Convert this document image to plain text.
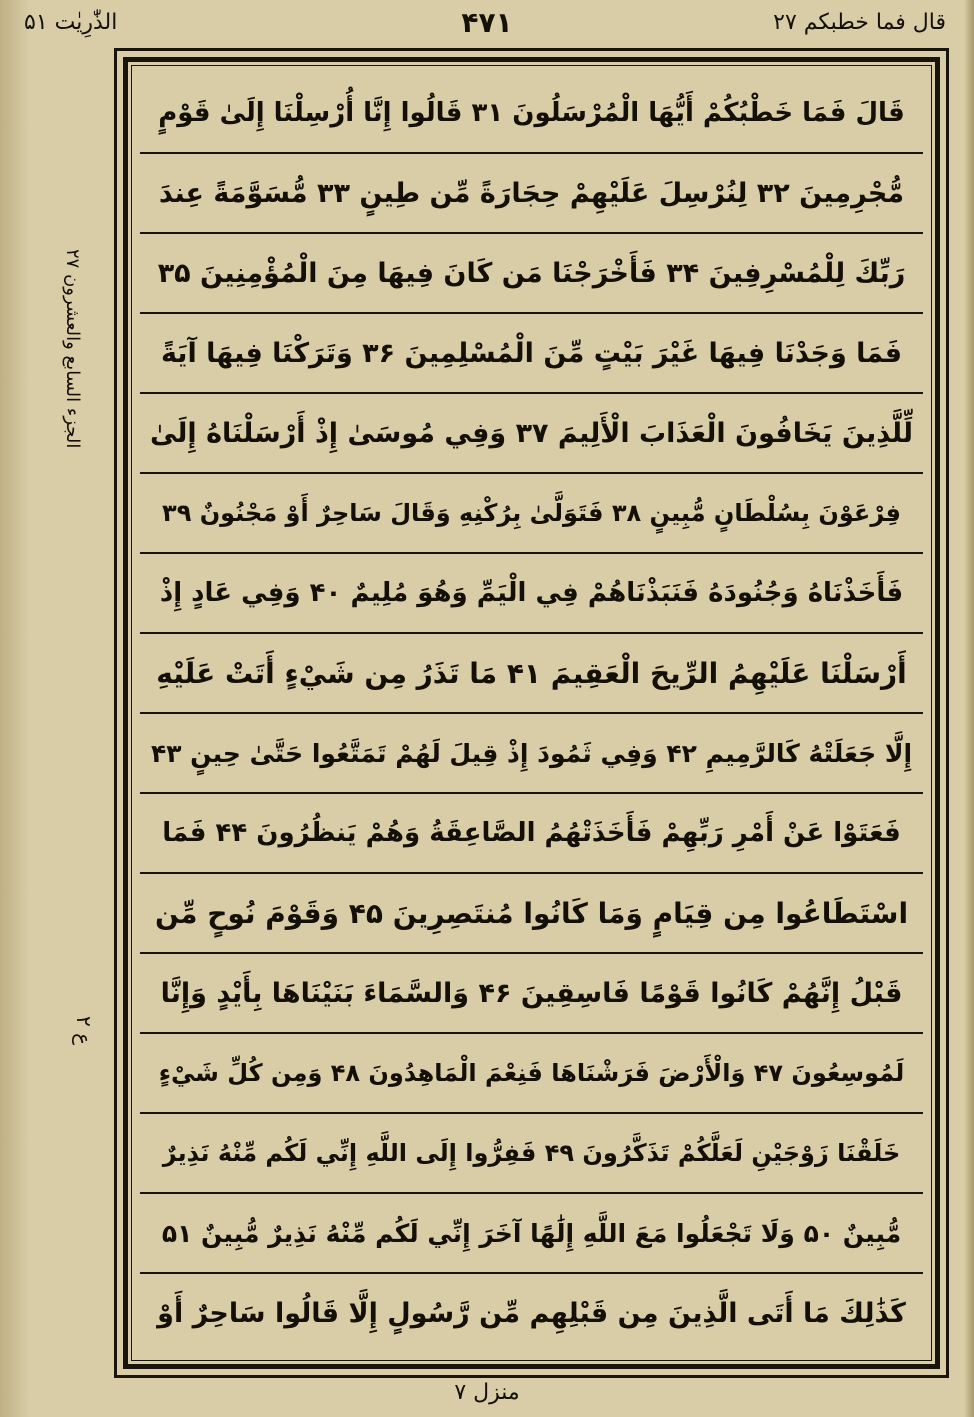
الذّٰرِیٰت ۵۱	۴۷۱	قال فما خطبکم ۲۷
الجزء السابع والعشرون ۲۷
ع ۲
قَالَ فَمَا خَطْبُكُمْ أَيُّهَا الْمُرْسَلُونَ ۳۱ قَالُوا إِنَّا أُرْسِلْنَا إِلَىٰ قَوْمٍ
مُّجْرِمِينَ ۳۲ لِنُرْسِلَ عَلَيْهِمْ حِجَارَةً مِّن طِينٍ ۳۳ مُّسَوَّمَةً عِندَ
رَبِّكَ لِلْمُسْرِفِينَ ۳۴ فَأَخْرَجْنَا مَن كَانَ فِيهَا مِنَ الْمُؤْمِنِينَ ۳۵
فَمَا وَجَدْنَا فِيهَا غَيْرَ بَيْتٍ مِّنَ الْمُسْلِمِينَ ۳۶ وَتَرَكْنَا فِيهَا آيَةً
لِّلَّذِينَ يَخَافُونَ الْعَذَابَ الْأَلِيمَ ۳۷ وَفِي مُوسَىٰ إِذْ أَرْسَلْنَاهُ إِلَىٰ
فِرْعَوْنَ بِسُلْطَانٍ مُّبِينٍ ۳۸ فَتَوَلَّىٰ بِرُكْنِهِ وَقَالَ سَاحِرٌ أَوْ مَجْنُونٌ ۳۹
فَأَخَذْنَاهُ وَجُنُودَهُ فَنَبَذْنَاهُمْ فِي الْيَمِّ وَهُوَ مُلِيمٌ ۴۰ وَفِي عَادٍ إِذْ
أَرْسَلْنَا عَلَيْهِمُ الرِّيحَ الْعَقِيمَ ۴۱ مَا تَذَرُ مِن شَيْءٍ أَتَتْ عَلَيْهِ
إِلَّا جَعَلَتْهُ كَالرَّمِيمِ ۴۲ وَفِي ثَمُودَ إِذْ قِيلَ لَهُمْ تَمَتَّعُوا حَتَّىٰ حِينٍ ۴۳
فَعَتَوْا عَنْ أَمْرِ رَبِّهِمْ فَأَخَذَتْهُمُ الصَّاعِقَةُ وَهُمْ يَنظُرُونَ ۴۴ فَمَا
اسْتَطَاعُوا مِن قِيَامٍ وَمَا كَانُوا مُنتَصِرِينَ ۴۵ وَقَوْمَ نُوحٍ مِّن
قَبْلُ إِنَّهُمْ كَانُوا قَوْمًا فَاسِقِينَ ۴۶ وَالسَّمَاءَ بَنَيْنَاهَا بِأَيْدٍ وَإِنَّا
لَمُوسِعُونَ ۴۷ وَالْأَرْضَ فَرَشْنَاهَا فَنِعْمَ الْمَاهِدُونَ ۴۸ وَمِن كُلِّ شَيْءٍ
خَلَقْنَا زَوْجَيْنِ لَعَلَّكُمْ تَذَكَّرُونَ ۴۹ فَفِرُّوا إِلَى اللَّهِ إِنِّي لَكُم مِّنْهُ نَذِيرٌ
مُّبِينٌ ۵۰ وَلَا تَجْعَلُوا مَعَ اللَّهِ إِلَٰهًا آخَرَ إِنِّي لَكُم مِّنْهُ نَذِيرٌ مُّبِينٌ ۵۱
كَذَٰلِكَ مَا أَتَى الَّذِينَ مِن قَبْلِهِم مِّن رَّسُولٍ إِلَّا قَالُوا سَاحِرٌ أَوْ
منزل ۷
